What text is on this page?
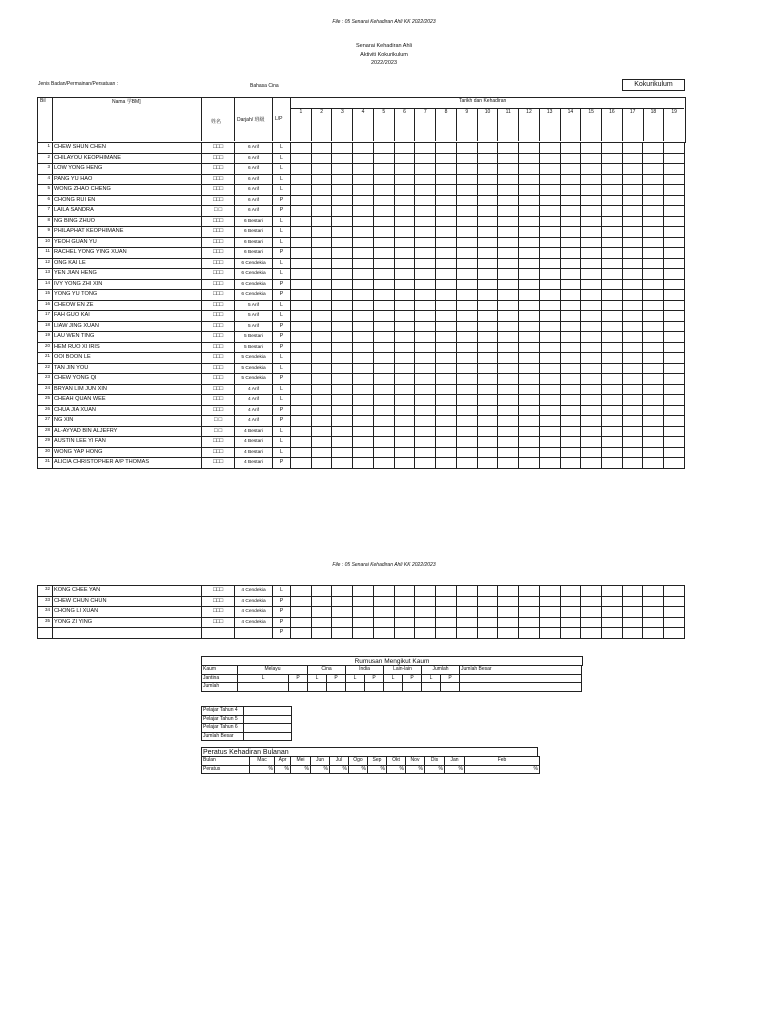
File : 05 Senarai Kehadiran Ahli KK 2022/2023
Senarai Kehadiran Ahli
Aktiviti Kokurikulum
2022/2023
Jenis Badan/Permainan/Persatuan :	Bahasa Cina	Kokurikulum
Bil	Nama 学BM]
姓名	Darjah/ 班级 L/P
Tarikh dan Kehadiran
1	2	3	4	5	6	7	8	9	10	11	12	13	14	15	16	17	18	19
1	CHEW SHUN CHEN	□□□	6 Arif	L																			
2	CHILAYOU KEOPHIMANE	□□□	6 Arif	L																			
3	LOW YONG HENG	□□□	6 Arif	L																			
4	PANG YU HAO	□□□	6 Arif	L																			
5	WONG ZHAO CHENG	□□□	6 Arif	L																			
6	CHONG RUI EN	□□□	6 Arif	P																			
7	LAILA SANDRA	□ □	6 Arif	P																			
8	NG BING ZHUO	□□□	6 Bestari	L																			
9	PHILAPHAT KEOPHIMANE	□□□	6 Bestari	L																			
10	YEOH GUAN YU	□□□	6 Bestari	L																			
11	RACHEL YONG YING XUAN	□□□	6 Bestari	P																			
12	ONG KAI LE	□□□	6 Cendekia	L																			
13	YEN JIAN HENG	□□□	6 Cendekia	L																			
14	IVY YONG ZHI XIN	□□□	6 Cendekia	P																			
15	YONG YU TONG	□□□	6 Cendekia	P																			
16	CHEOW EN ZE	□□□	5 Arif	L																			
17	FAH GUO KAI	□□□	5 Arif	L																			
18	LIAW JING XUAN	□□□	5 Arif	P																			
19	LAU WEN TING	□□□	5 Bestari	P																			
20	HEM RUO XI IRIS	□□□	5 Bestari	P																			
21	OOI BOON LE	□□□	5 Cendekia	L																			
22	TAN JIN YOU	□□□	5 Cendekia	L																			
23	CHEW YONG QI	□□□	5 Cendekia	P																			
24	BRYAN LIM JUN XIN	□□□	4 Arif	L																			
25	CHEAH QUAN WEE	□□□	4 Arif	L																			
26	CHUA JIA XUAN	□□□	4 Arif	P																			
27	NG XIN	□ □	4 Arif	P																			
28	AL-AYYAD BIN ALJEFRY	□ □	4 Bestari	L																			
29	AUSTIN LEE YI FAN	□□□	4 Bestari	L																			
30	WONG YAP HONG	□□□	4 Bestari	L																			
31	ALICIA CHRISTOPHER A/P THOMAS	□□□	4 Bestari	P																			
File : 05 Senarai Kehadiran Ahli KK 2022/2023
32	KONG CHEE YAN	□□□	4 Cendekia	L																			
33	CHEW CHUN CHUN	□□□	4 Cendekia	P																			
34	CHONG LI XUAN	□□□	4 Cendekia	P																			
35	YONG ZI YING	□□□	4 Cendekia	P																			
				P																			
Rumusan Mengikut Kaum
Kaum	Melayu		Cina		India		Lain-lain		Jumlah		Jumlah Besar
Jantina	L	P	L	P	L	P	L	P	L	P	
Jumlah											
Pelajar Tahun 4	
Pelajar Tahun 5	
Pelajar Tahun 6	
Jumlah Besar	
Peratus Kehadiran Bulanan
Bulan	Mac	Apr	Mei	Jun	Jul	Ogo	Sep	Okt	Nov	Dis	Jan	Feb	
Peratus	%	%	%	%	%	%	%	%	%	%	%	%	
